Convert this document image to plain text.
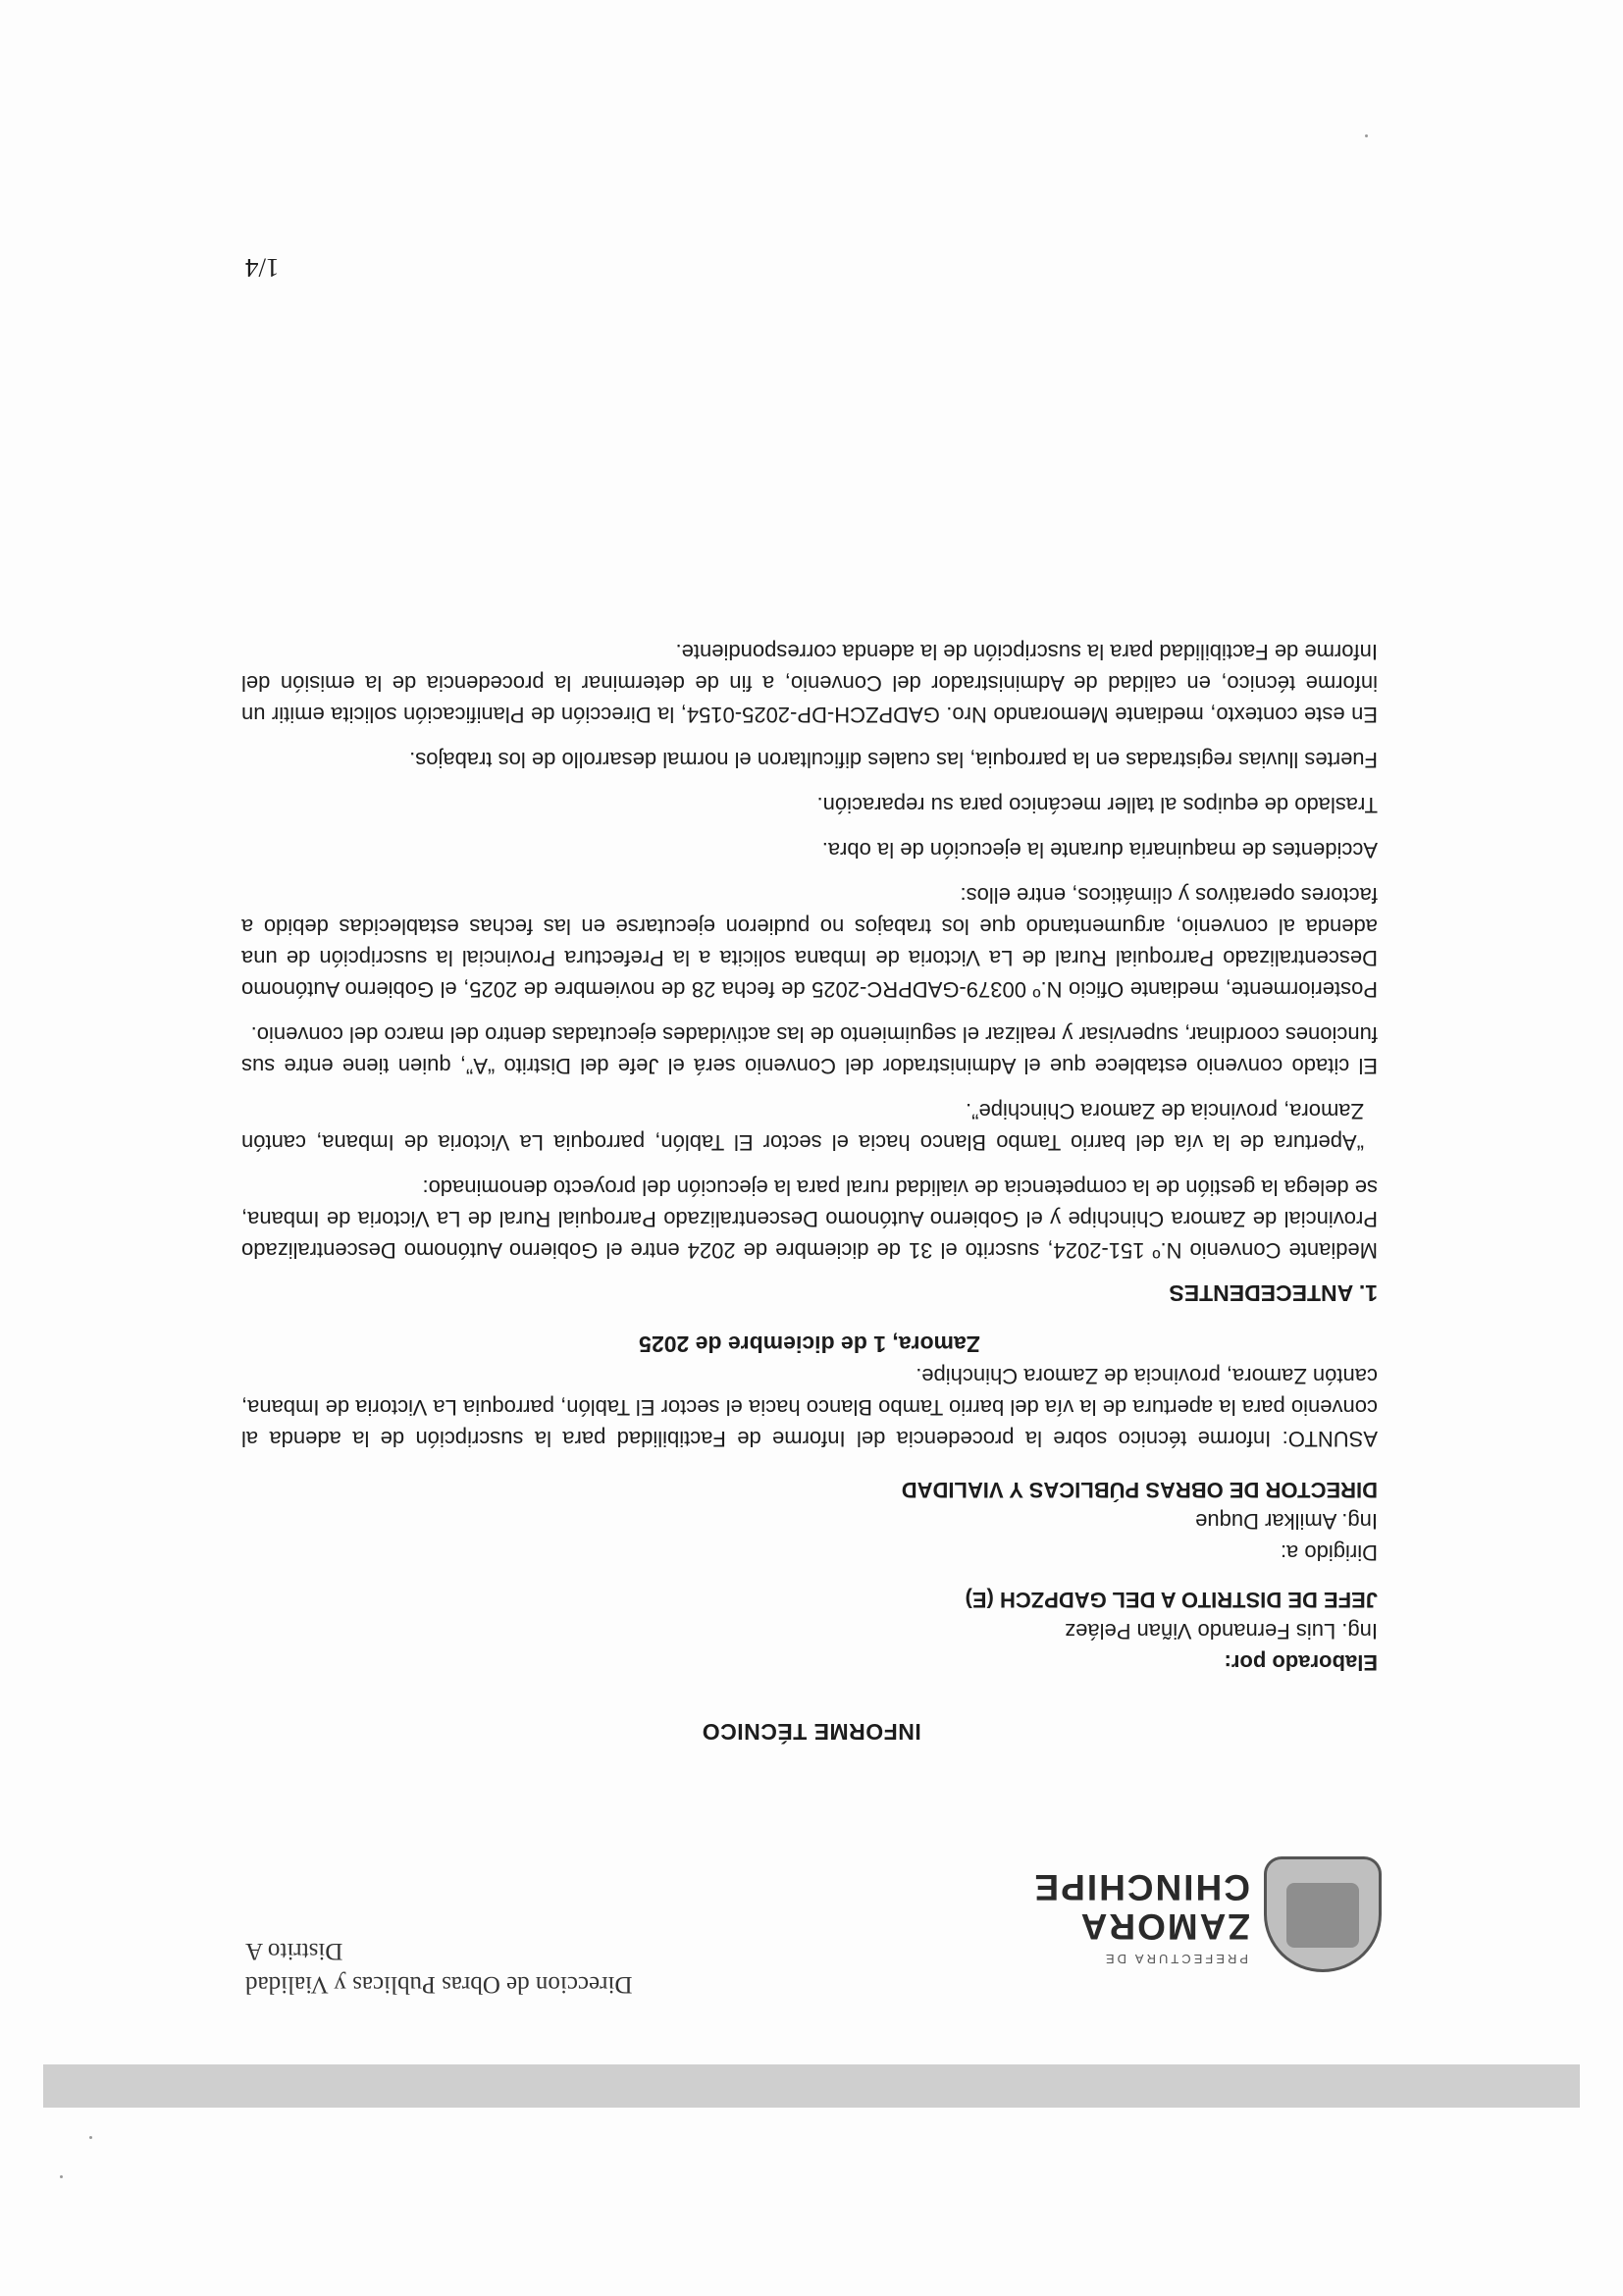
PREFECTURA DE
ZAMORA
CHINCHIPE
Direccion de Obras Publicas y Vialidad
Distrito A
INFORME TÉCNICO

Elaborado por:

Ing. Luis Fernando Viñan Peláez

JEFE DE DISTRITO A DEL GADPZCH (E)

Dirigido a:

Ing. Amilkar Duque

DIRECTOR DE OBRAS PÚBLICAS Y VIALIDAD

ASUNTO: Informe técnico sobre la procedencia del Informe de Factibilidad para la suscripción de la adenda al convenio para la apertura de la vía del barrio Tambo Blanco hacia el sector El Tablón, parroquia La Victoria de Imbana, cantón Zamora, provincia de Zamora Chinchipe.

Zamora, 1 de diciembre de 2025

1. ANTECEDENTES

Mediante Convenio N.º 151-2024, suscrito el 31 de diciembre de 2024 entre el Gobierno Autónomo Descentralizado Provincial de Zamora Chinchipe y el Gobierno Autónomo Descentralizado Parroquial Rural de La Victoria de Imbana, se delega la gestión de la competencia de vialidad rural para la ejecución del proyecto denominado:

“Apertura de la vía del barrio Tambo Blanco hacia el sector El Tablón, parroquia La Victoria de Imbana, cantón Zamora, provincia de Zamora Chinchipe”.

El citado convenio establece que el Administrador del Convenio será el Jefe del Distrito “A”, quien tiene entre sus funciones coordinar, supervisar y realizar el seguimiento de las actividades ejecutadas dentro del marco del convenio.

Posteriormente, mediante Oficio N.º 00379-GADPRC-2025 de fecha 28 de noviembre de 2025, el Gobierno Autónomo Descentralizado Parroquial Rural de La Victoria de Imbana solicita a la Prefectura Provincial la suscripción de una adenda al convenio, argumentando que los trabajos no pudieron ejecutarse en las fechas establecidas debido a factores operativos y climáticos, entre ellos:

Accidentes de maquinaria durante la ejecución de la obra.

Traslado de equipos al taller mecánico para su reparación.

Fuertes lluvias registradas en la parroquia, las cuales dificultaron el normal desarrollo de los trabajos.

En este contexto, mediante Memorando Nro. GADPZCH-DP-2025-0154, la Dirección de Planificación solicita emitir un informe técnico, en calidad de Administrador del Convenio, a fin de determinar la procedencia de la emisión del Informe de Factibilidad para la suscripción de la adenda correspondiente.

1/4
